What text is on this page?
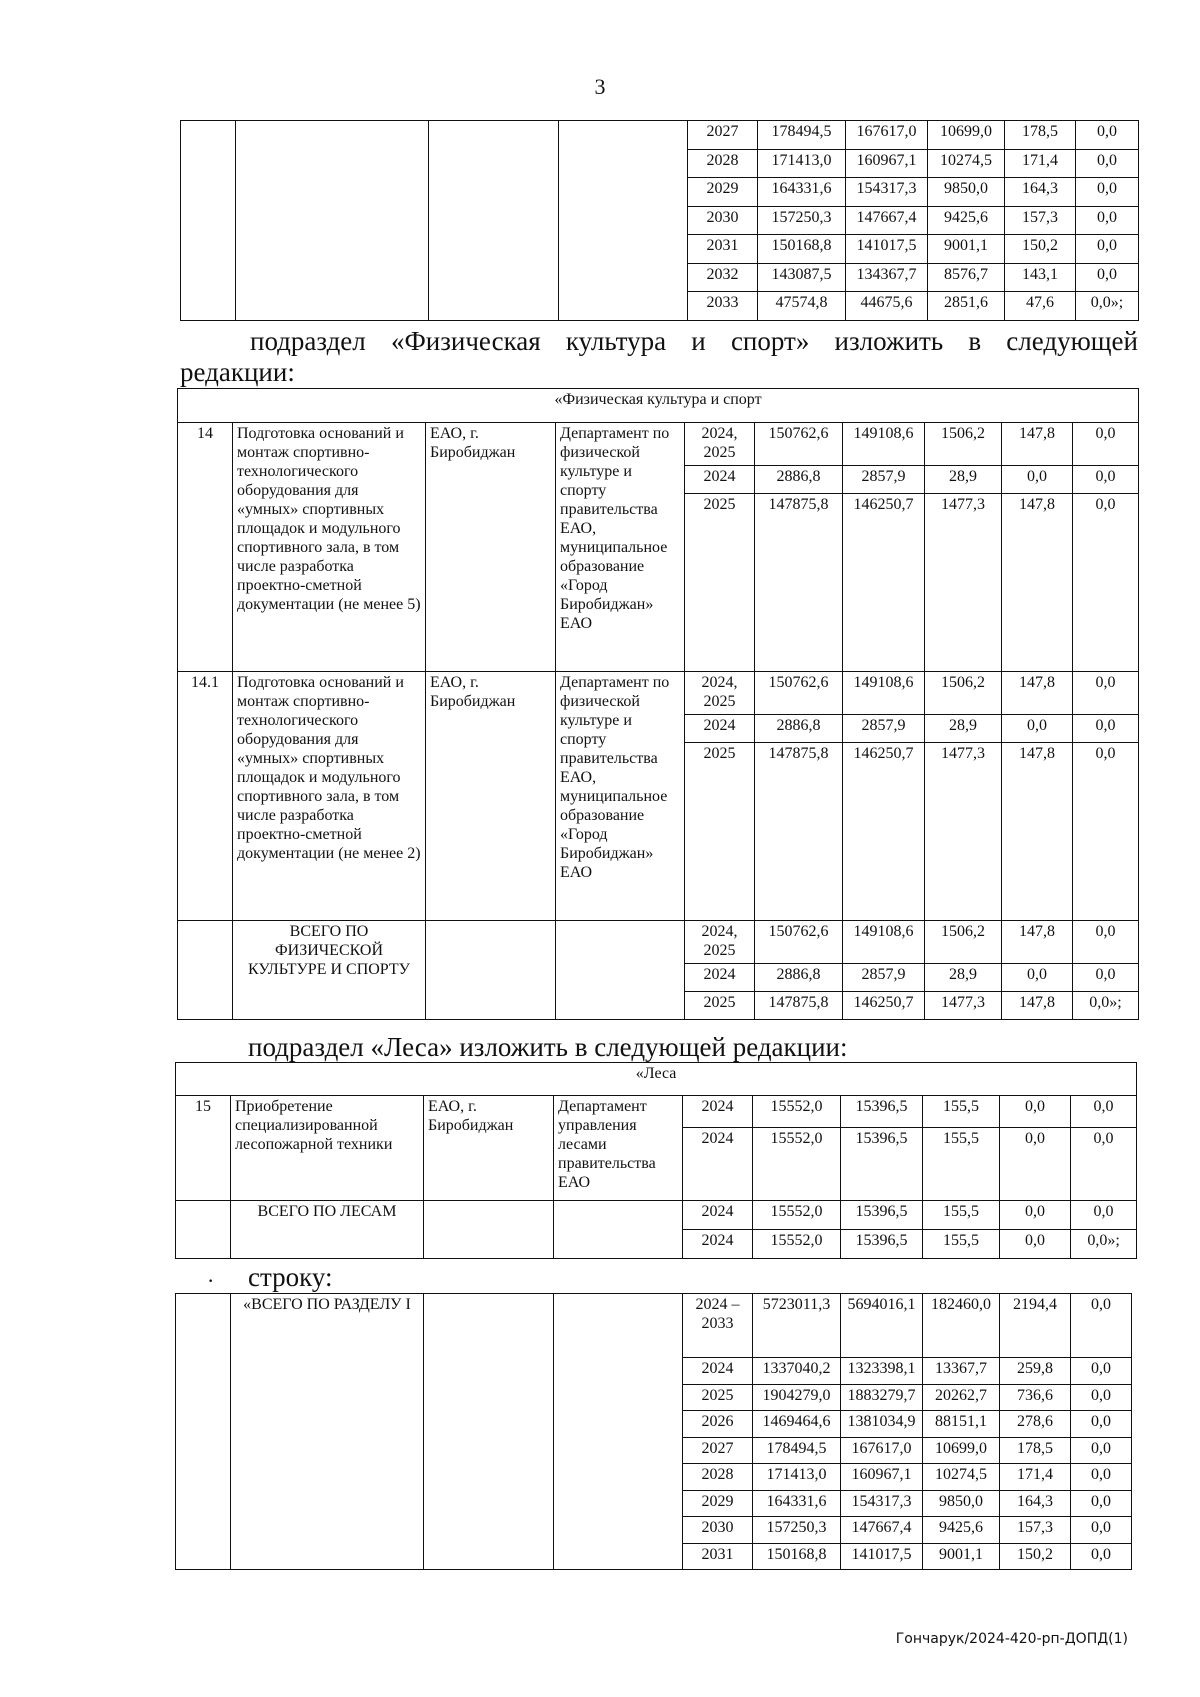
3
				2027	178494,5	167617,0	10699,0	178,5	0,0
				2028	171413,0	160967,1	10274,5	171,4	0,0
				2029	164331,6	154317,3	9850,0	164,3	0,0
				2030	157250,3	147667,4	9425,6	157,3	0,0
				2031	150168,8	141017,5	9001,1	150,2	0,0
				2032	143087,5	134367,7	8576,7	143,1	0,0
				2033	47574,8	44675,6	2851,6	47,6	0,0»;
подраздел «Физическая культура и спорт» изложить в следующей
редакции:
«Физическая культура и спорт									
14	Подготовка оснований и монтаж спортивно-технологического оборудования для «умных» спортивных площадок и модульного спортивного зала, в том числе разработка проектно-сметной документации (не менее 5)	ЕАО, г. Биробиджан	Департамент по физической культуре и спорту правительства ЕАО, муниципальное образование «Город Биробиджан» ЕАО	2024, 2025	150762,6	149108,6	1506,2	147,8	0,0
				2024	2886,8	2857,9	28,9	0,0	0,0
				2025	147875,8	146250,7	1477,3	147,8	0,0
14.1	Подготовка оснований и монтаж спортивно-технологического оборудования для «умных» спортивных площадок и модульного спортивного зала, в том числе разработка проектно-сметной документации (не менее 2)	ЕАО, г. Биробиджан	Департамент по физической культуре и спорту правительства ЕАО, муниципальное образование «Город Биробиджан» ЕАО	2024, 2025	150762,6	149108,6	1506,2	147,8	0,0
				2024	2886,8	2857,9	28,9	0,0	0,0
				2025	147875,8	146250,7	1477,3	147,8	0,0
	ВСЕГО ПО ФИЗИЧЕСКОЙ КУЛЬТУРЕ И СПОРТУ			2024, 2025	150762,6	149108,6	1506,2	147,8	0,0
				2024	2886,8	2857,9	28,9	0,0	0,0
				2025	147875,8	146250,7	1477,3	147,8	0,0»;
подраздел «Леса» изложить в следующей редакции:
«Леса									
15	Приобретение специализированной лесопожарной техники	ЕАО, г. Биробиджан	Департамент управления лесами правительства ЕАО	2024	15552,0	15396,5	155,5	0,0	0,0
				2024	15552,0	15396,5	155,5	0,0	0,0
	ВСЕГО ПО ЛЕСАМ			2024	15552,0	15396,5	155,5	0,0	0,0
				2024	15552,0	15396,5	155,5	0,0	0,0»;
· строку:
	«ВСЕГО ПО РАЗДЕЛУ I			2024 – 2033	5723011,3	5694016,1	182460,0	2194,4	0,0
				2024	1337040,2	1323398,1	13367,7	259,8	0,0
				2025	1904279,0	1883279,7	20262,7	736,6	0,0
				2026	1469464,6	1381034,9	88151,1	278,6	0,0
				2027	178494,5	167617,0	10699,0	178,5	0,0
				2028	171413,0	160967,1	10274,5	171,4	0,0
				2029	164331,6	154317,3	9850,0	164,3	0,0
				2030	157250,3	147667,4	9425,6	157,3	0,0
				2031	150168,8	141017,5	9001,1	150,2	0,0
Гончарук/2024-420-рп-ДОПД(1)
